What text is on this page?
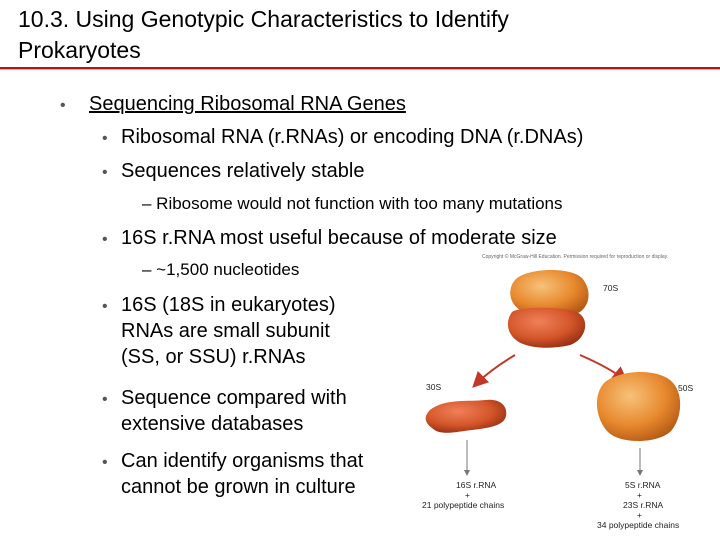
10.3. Using Genotypic Characteristics to Identify
Prokaryotes
• Sequencing Ribosomal RNA Genes
• Ribosomal RNA (r.RNAs) or encoding DNA (r.DNAs)
• Sequences relatively stable
– Ribosome would not function with too many mutations
• 16S r.RNA most useful because of moderate size
– ~1,500 nucleotides
• 16S (18S in eukaryotes)
RNAs are small subunit
(SS, or SSU) r.RNAs
• Sequence compared with
extensive databases
• Can identify organisms that
cannot be grown in culture
Copyright © McGraw-Hill Education. Permission required for reproduction or display.
70S
30S	50S
16S r.RNA
+
21 polypeptide chains
5S r.RNA
+
23S r.RNA
+
34 polypeptide chains
